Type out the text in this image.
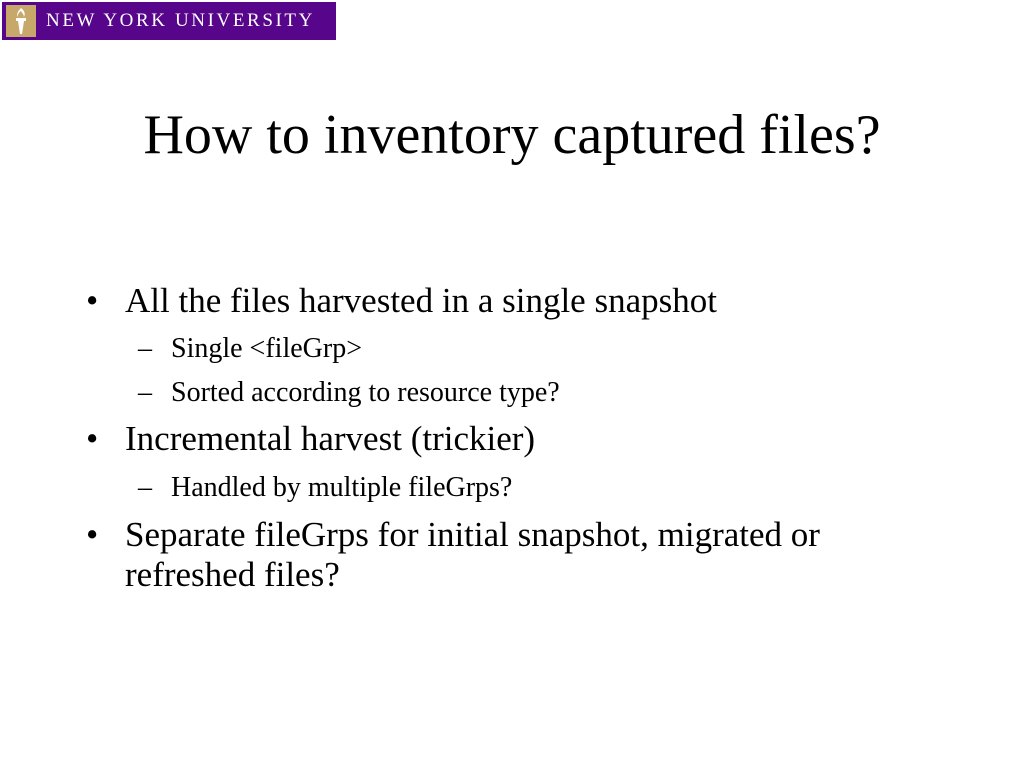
NEW YORK UNIVERSITY
How to inventory captured files?
• All the files harvested in a single snapshot
– Single <fileGrp>
– Sorted according to resource type?
• Incremental harvest (trickier)
– Handled by multiple fileGrps?
• Separate fileGrps for initial snapshot, migrated or refreshed files?
